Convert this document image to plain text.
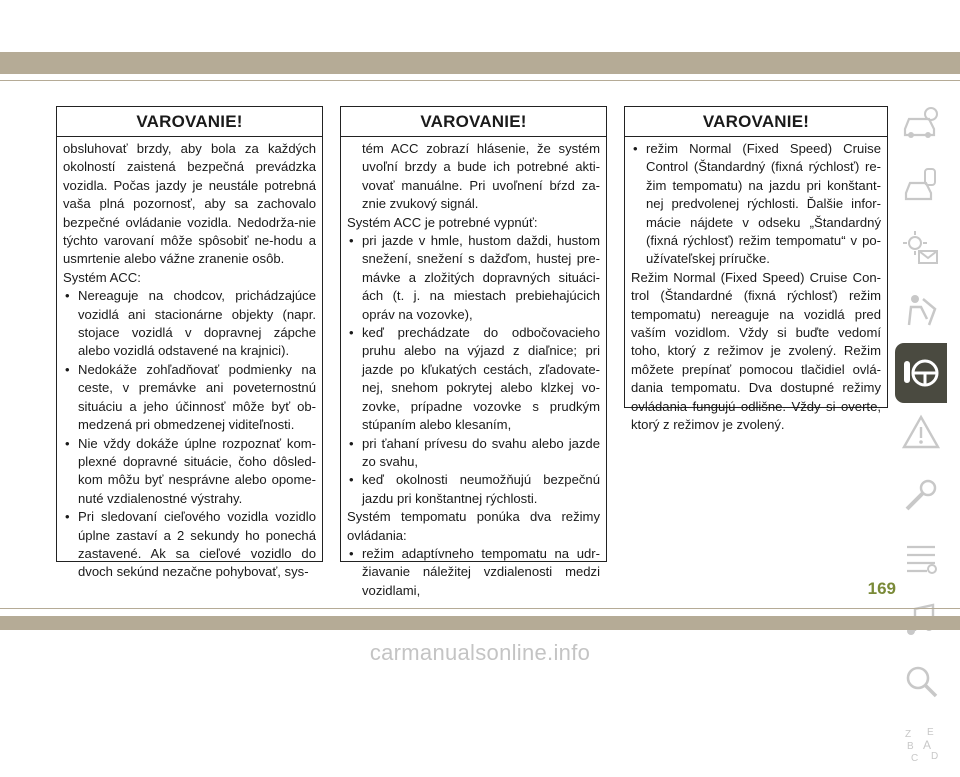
VAROVANIE!

obsluhovať brzdy, aby bola za každých okolností zaistená bezpečná prevádzka vozidla. Počas jazdy je neustále potrebná vaša plná pozornosť, aby sa zachovalo bezpečné ovládanie vozidla. Nedodrža-nie týchto varovaní môže spôsobiť ne-hodu a usmrtenie alebo vážne zranenie osôb.

Systém ACC:

• Nereaguje na chodcov, prichádzajúce vozidlá ani stacionárne objekty (napr. stojace vozidlá v dopravnej zápche alebo vozidlá odstavené na krajnici).
• Nedokáže zohľadňovať podmienky na ceste, v premávke ani poveternostnú situáciu a jeho účinnosť môže byť ob-medzená pri obmedzenej viditeľnosti.
• Nie vždy dokáže úplne rozpoznať kom-plexné dopravné situácie, čoho dôsled-kom môžu byť nesprávne alebo opome-nuté vzdialenostné výstrahy.
• Pri sledovaní cieľového vozidla vozidlo úplne zastaví a 2 sekundy ho ponechá zastavené. Ak sa cieľové vozidlo do dvoch sekúnd nezačne pohybovať, sys-
VAROVANIE!
tém ACC zobrazí hlásenie, že systém uvoľní brzdy a bude ich potrebné akti-vovať manuálne. Pri uvoľnení bŕzd za-znie zvukový signál.

Systém ACC je potrebné vypnúť:

• pri jazde v hmle, hustom daždi, hustom snežení, snežení s dažďom, hustej pre-mávke a zložitých dopravných situáci-ách (t. j. na miestach prebiehajúcich opráv na vozovke),
• keď prechádzate do odbočovacieho pruhu alebo na výjazd z diaľnice; pri jazde po kľukatých cestách, zľadovate-nej, snehom pokrytej alebo klzkej vo-zovke, prípadne vozovke s prudkým stúpaním alebo klesaním,
• pri ťahaní prívesu do svahu alebo jazde zo svahu,
• keď okolnosti neumožňujú bezpečnú jazdu pri konštantnej rýchlosti.

Systém tempomatu ponúka dva režimy ovládania:

• režim adaptívneho tempomatu na udr-žiavanie náležitej vzdialenosti medzi vozidlami,
VAROVANIE!
• režim Normal (Fixed Speed) Cruise Control (Štandardný (fixná rýchlosť) re-žim tempomatu) na jazdu pri konštant-nej predvolenej rýchlosti. Ďalšie infor-mácie nájdete v odseku „Štandardný (fixná rýchlosť) režim tempomatu“ v po-užívateľskej príručke.

Režim Normal (Fixed Speed) Cruise Con-trol (Štandardné (fixná rýchlosť) režim tempomatu) nereaguje na vozidlá pred vaším vozidlom. Vždy si buďte vedomí toho, ktorý z režimov je zvolený. Režim môžete prepínať pomocou tlačidiel ovlá-dania tempomatu. Dva dostupné režimy ovládania fungujú odlišne. Vždy si overte, ktorý z režimov je zvolený.

Z E
B A
C D
169
carmanualsonline.info
